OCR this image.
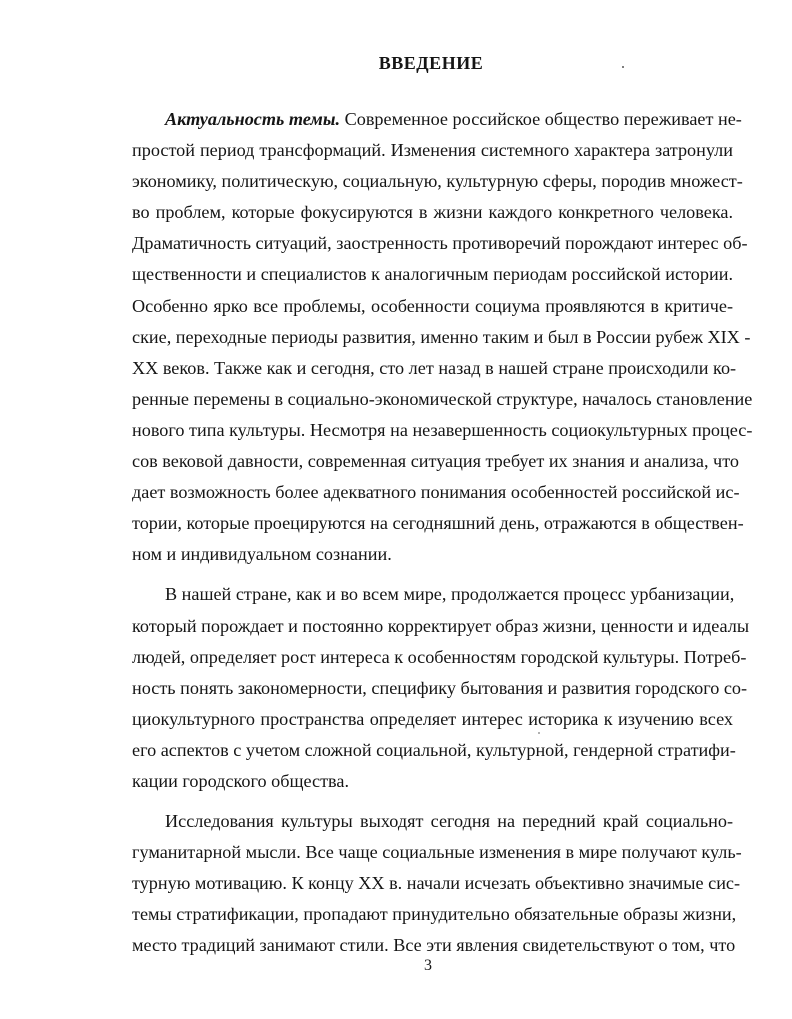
ВВЕДЕНИЕ
Актуальность темы. Современное российское общество переживает не-
простой период трансформаций. Изменения системного характера затронули
экономику, политическую, социальную, культурную сферы, породив множест-
во проблем, которые фокусируются в жизни каждого конкретного человека.
Драматичность ситуаций, заостренность противоречий порождают интерес об-
щественности и специалистов к аналогичным периодам российской истории.
Особенно ярко все проблемы, особенности социума проявляются в критиче-
ские, переходные периоды развития, именно таким и был в России рубеж XIX -
XX веков. Также как и сегодня, сто лет назад в нашей стране происходили ко-
ренные перемены в социально-экономической структуре, началось становление
нового типа культуры. Несмотря на незавершенность социокультурных процес-
сов вековой давности, современная ситуация требует их знания и анализа, что
дает возможность более адекватного понимания особенностей российской ис-
тории, которые проецируются на сегодняшний день, отражаются в обществен-
ном и индивидуальном сознании.
В нашей стране, как и во всем мире, продолжается процесс урбанизации,
который порождает и постоянно корректирует образ жизни, ценности и идеалы
людей, определяет рост интереса к особенностям городской культуры. Потреб-
ность понять закономерности, специфику бытования и развития городского со-
циокультурного пространства определяет интерес историка к изучению всех
его аспектов с учетом сложной социальной, культурной, гендерной стратифи-
кации городского общества.
Исследования культуры выходят сегодня на передний край социально-
гуманитарной мысли. Все чаще социальные изменения в мире получают куль-
турную мотивацию. К концу XX в. начали исчезать объективно значимые сис-
темы стратификации, пропадают принудительно обязательные образы жизни,
место традиций занимают стили. Все эти явления свидетельствуют о том, что
3
